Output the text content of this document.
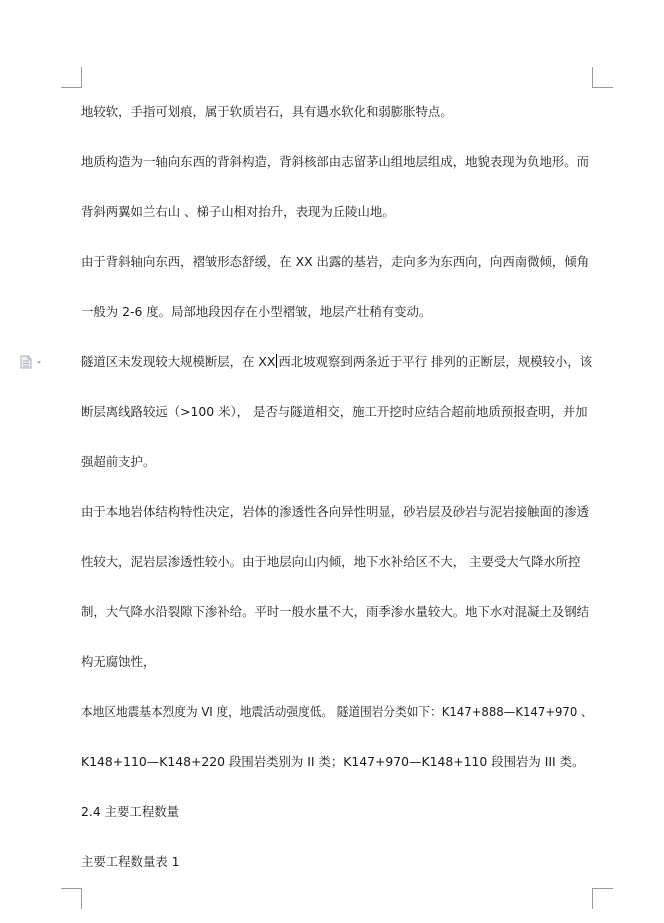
地较软，手指可划痕，属于软质岩石，具有遇水软化和弱膨胀特点。
地质构造为一轴向东西的背斜构造，背斜核部由志留茅山组地层组成，地貌表现为负地形。而
背斜两翼如兰右山 、梯子山相对抬升，表现为丘陵山地。
由于背斜轴向东西，褶皱形态舒缓，在 XX 出露的基岩，走向多为东西向，向西南微倾，倾角
一般为 2-6 度。局部地段因存在小型褶皱，地层产壮稍有变动。
隧道区未发现较大规模断层，在 XX 西北坡观察到两条近于平行 排列的正断层，规模较小，该
断层离线路较远（>100 米）， 是否与隧道相交，施工开挖时应结合超前地质预报查明，并加
强超前支护。
由于本地岩体结构特性决定，岩体的渗透性各向异性明显，砂岩层及砂岩与泥岩接触面的渗透
性较大，泥岩层渗透性较小。由于地层向山内倾，地下水补给区不大， 主要受大气降水所控
制，大气降水沿裂隙下渗补给。平时一般水量不大，雨季渗水量较大。地下水对混凝土及钢结
构无腐蚀性，
本地区地震基本烈度为 VI 度，地震活动强度低。 隧道围岩分类如下：K147+888—K147+970 、
K148+110—K148+220 段围岩类别为 II 类；K147+970—K148+110 段围岩为 III 类。
2.4 主要工程数量
主要工程数量表 1
